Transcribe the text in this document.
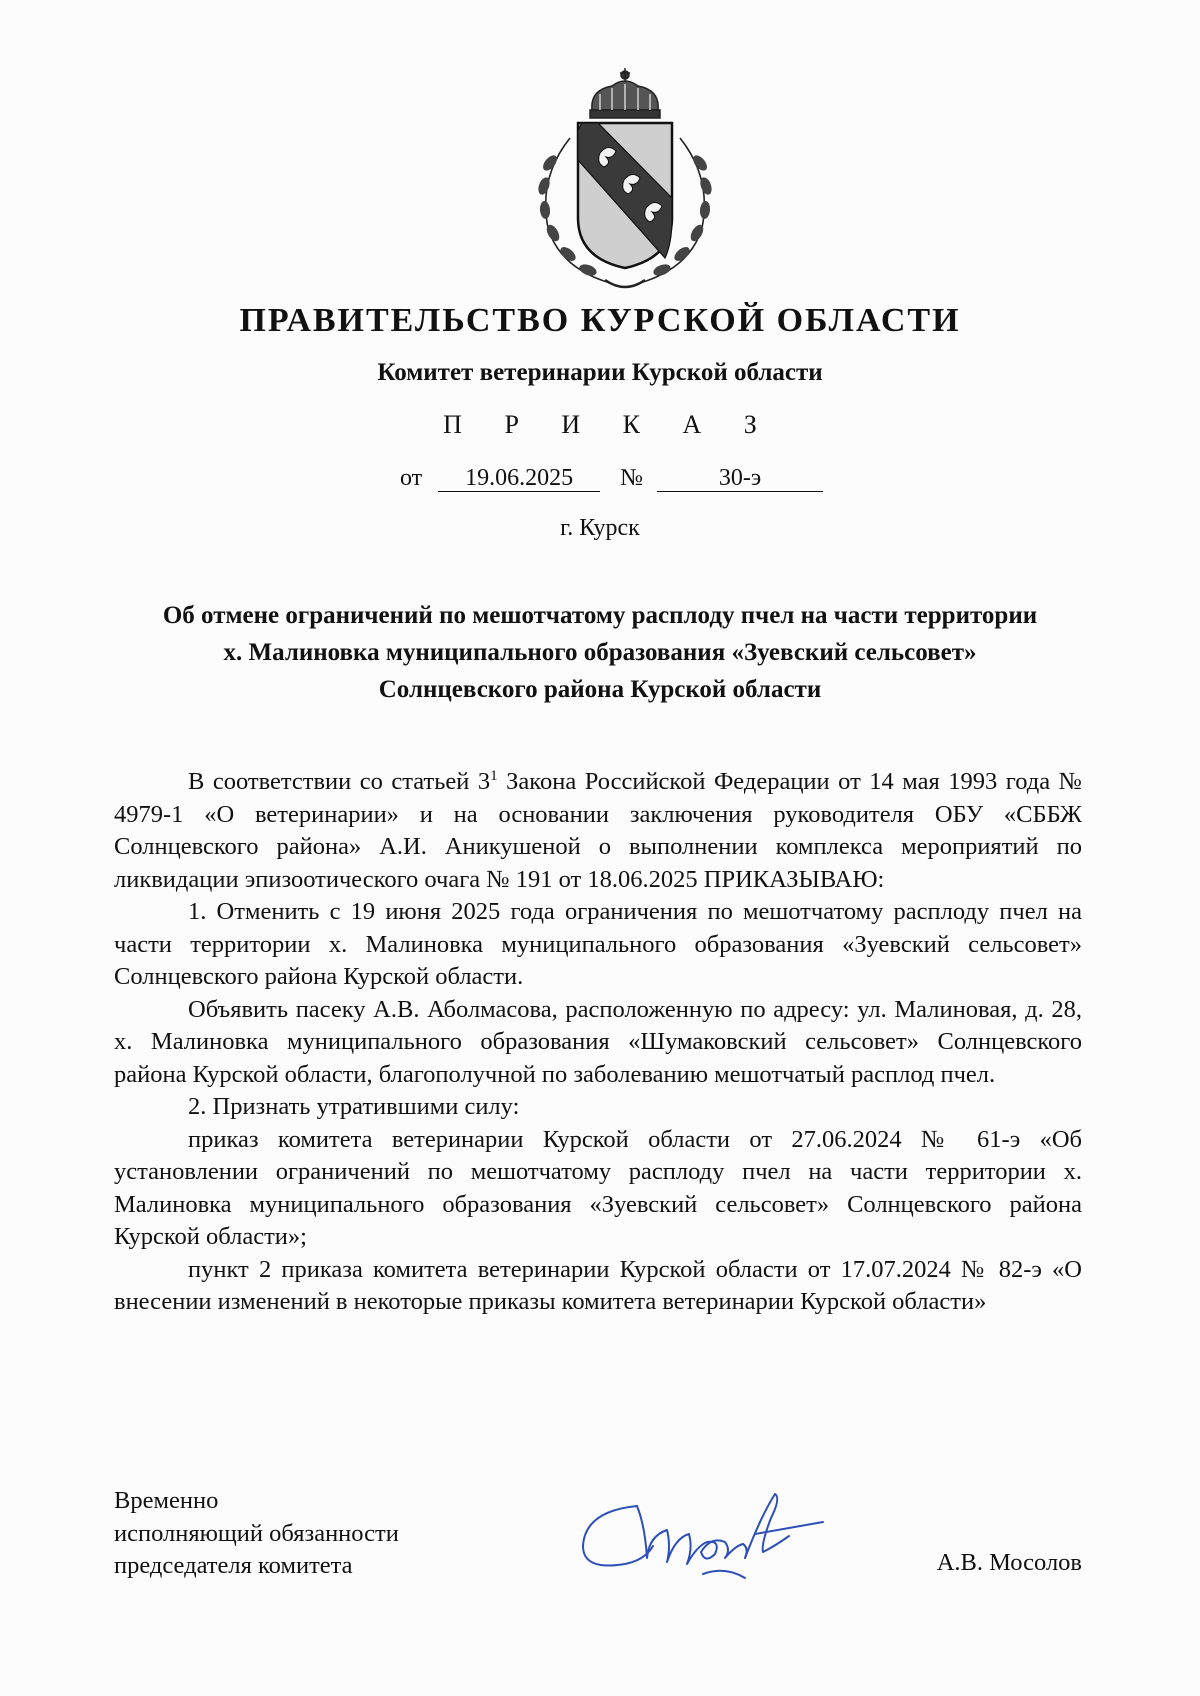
ПРАВИТЕЛЬСТВО КУРСКОЙ ОБЛАСТИ
Комитет ветеринарии Курской области
П Р И К А З
от 19.06.2025 №	30-э
г. Курск
Об отмене ограничений по мешотчатому расплоду пчел на части территории
х. Малиновка муниципального образования «Зуевский сельсовет»
Солнцевского района Курской области

В соответствии со статьей $3^1$ Закона Российской Федерации от 14 мая 1993 года № 4979-1 «О ветеринарии» и на основании заключения руководителя ОБУ «СББЖ Солнцевского района» А.И. Аникушеной о выполнении комплекса мероприятий по ликвидации эпизоотического очага № 191 от 18.06.2025 ПРИКАЗЫВАЮ:

1. Отменить с 19 июня 2025 года ограничения по мешотчатому расплоду пчел на части территории х. Малиновка муниципального образования «Зуевский сельсовет» Солнцевского района Курской области.

Объявить пасеку А.В. Аболмасова, расположенную по адресу: ул. Малиновая, д. 28, х. Малиновка муниципального образования «Шумаковский сельсовет» Солнцевского района Курской области, благополучной по заболеванию мешотчатый расплод пчел.

2. Признать утратившими силу:

приказ комитета ветеринарии Курской области от 27.06.2024 № 61-э «Об установлении ограничений по мешотчатому расплоду пчел на части территории х. Малиновка муниципального образования «Зуевский сельсовет» Солнцевского района Курской области»;

пункт 2 приказа комитета ветеринарии Курской области от 17.07.2024 № 82-э «О внесении изменений в некоторые приказы комитета ветеринарии Курской области»

Временно
исполняющий обязанности
председателя комитета	А.В. Мосолов
